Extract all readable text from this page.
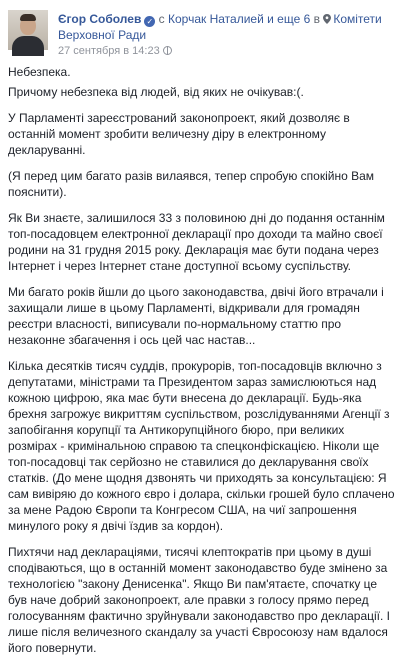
Єгор Соболев ✓ с Корчак Наталией и еще 6 в Комітети Верховної Ради
27 сентября в 14:23

Небезпека.

Причому небезпека від людей, від яких не очікував:(.

У Парламенті зареєстрований законопроект, який дозволяє в останній момент зробити величезну діру в електронному декларуванні.

(Я перед цим багато разів вилаявся, тепер спробую спокійно Вам пояснити).

Як Ви знаєте, залишилося 33 з половиною дні до подання останнім топ-посадовцем електронної декларації про доходи та майно своєї родини на 31 грудня 2015 року. Декларація має бути подана через Інтернет і через Інтернет стане доступної всьому суспільству.

Ми багато років йшли до цього законодавства, двічі його втрачали і захищали лише в цьому Парламенті, відкривали для громадян реєстри власності, виписували по-нормальному статтю про незаконне збагачення і ось цей час настав...

Кілька десятків тисяч суддів, прокурорів, топ-посадовців включно з депутатами, міністрами та Президентом зараз замислюються над кожною цифрою, яка має бути внесена до декларації. Будь-яка брехня загрожує викриттям суспільством, розслідуваннями Агенції з запобігання корупції та Антикорупційного бюро, при великих розмірах - кримінальною справою та спецконфіскацією. Ніколи ще топ-посадовці так серйозно не ставилися до декларування своїх статків. (До мене щодня дзвонять чи приходять за консультацією: Я сам вивіряю до кожного євро і долара, скільки грошей було сплачено за мене Радою Європи та Конгресом США, на чиї запрошення минулого року я двічі їздив за кордон).

Пихтячи над деклараціями, тисячі клептократів при цьому в душі сподіваються, що в останній момент законодавство буде змінено за технологією "закону Денисенка". Якщо Ви пам'ятаєте, спочатку це був наче добрий законопроект, але правки з голосу прямо перед голосуванням фактично зруйнували законодавство про декларації. І лише після величезного скандалу за участі Євросоюзу нам вдалося його повернути.
